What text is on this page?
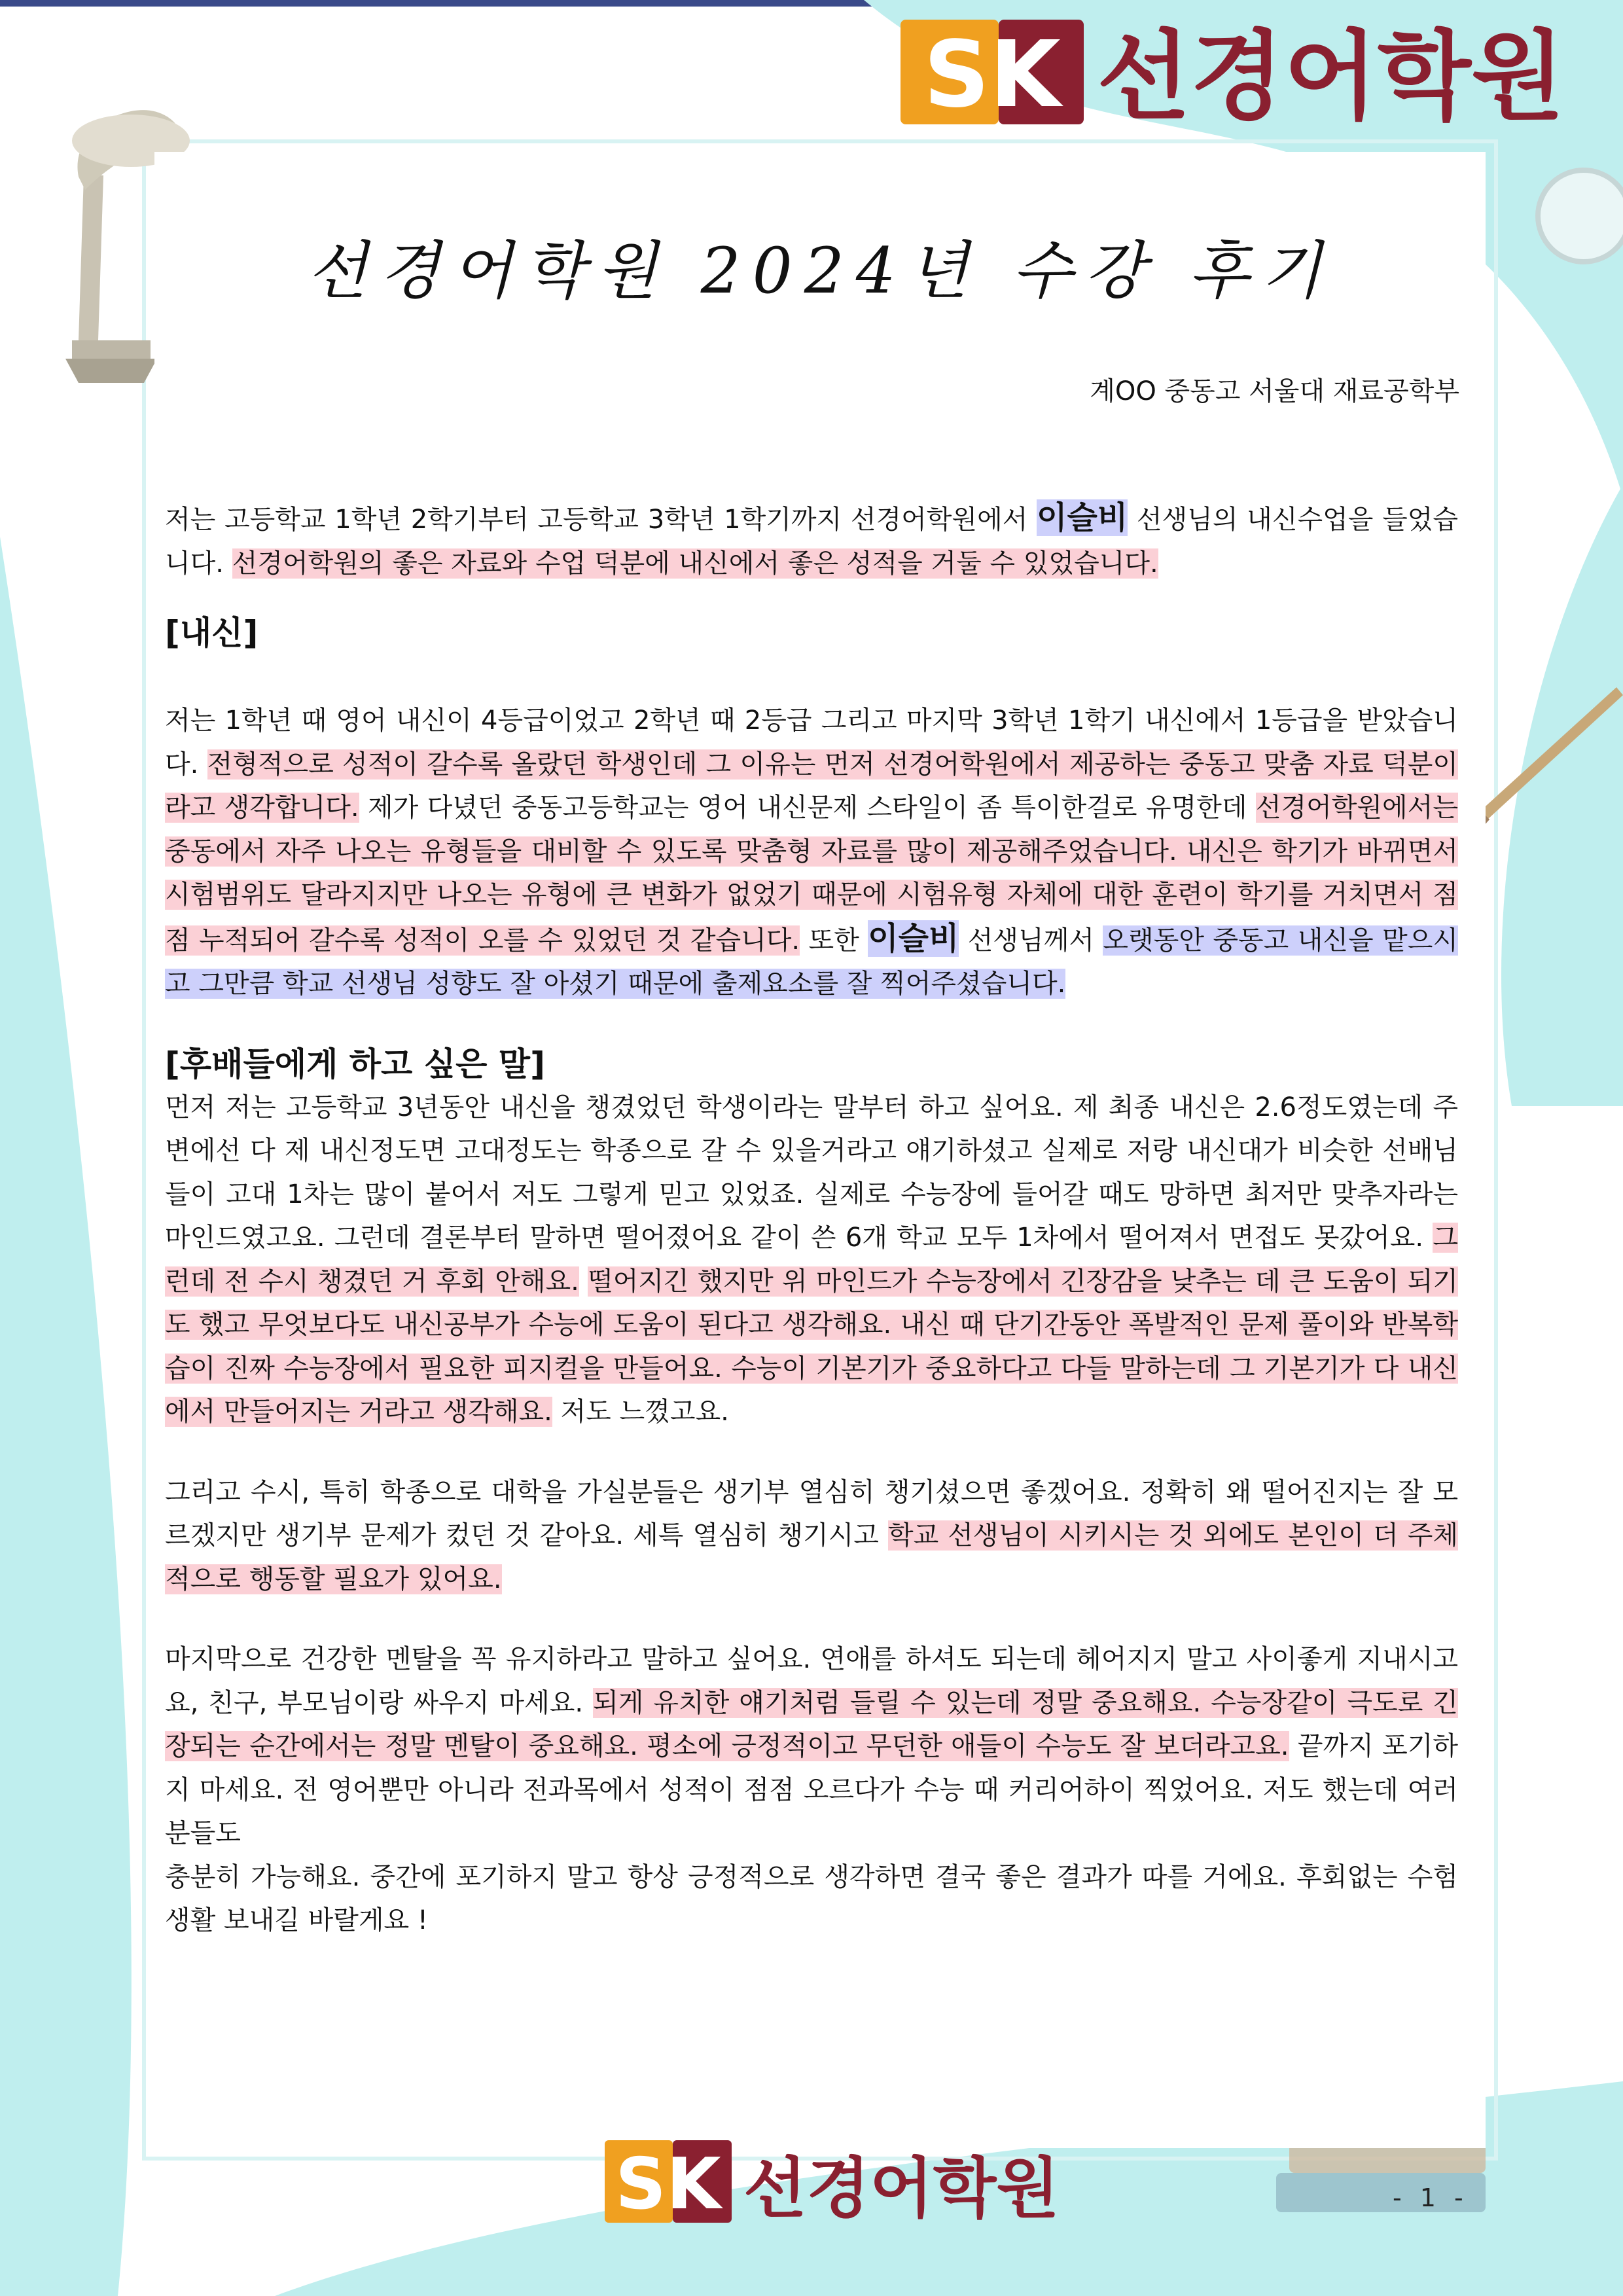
SK 선경어학원
선경어학원 2024년 수강 후기
계OO 중동고 서울대 재료공학부

저는 고등학교 1학년 2학기부터 고등학교 3학년 1학기까지 선경어학원에서 이슬비 선생님의 내신수업을 들었습니다. 선경어학원의 좋은 자료와 수업 덕분에 내신에서 좋은 성적을 거둘 수 있었습니다.

[내신]

저는 1학년 때 영어 내신이 4등급이었고 2학년 때 2등급 그리고 마지막 3학년 1학기 내신에서 1등급을 받았습니다. 전형적으로 성적이 갈수록 올랐던 학생인데 그 이유는 먼저 선경어학원에서 제공하는 중동고 맞춤 자료 덕분이라고 생각합니다. 제가 다녔던 중동고등학교는 영어 내신문제 스타일이 좀 특이한걸로 유명한데 선경어학원에서는 중동에서 자주 나오는 유형들을 대비할 수 있도록 맞춤형 자료를 많이 제공해주었습니다. 내신은 학기가 바뀌면서 시험범위도 달라지지만 나오는 유형에 큰 변화가 없었기 때문에 시험유형 자체에 대한 훈련이 학기를 거치면서 점점 누적되어 갈수록 성적이 오를 수 있었던 것 같습니다. 또한 이슬비 선생님께서 오랫동안 중동고 내신을 맡으시고 그만큼 학교 선생님 성향도 잘 아셨기 때문에 출제요소를 잘 찍어주셨습니다.

[후배들에게 하고 싶은 말]

먼저 저는 고등학교 3년동안 내신을 챙겼었던 학생이라는 말부터 하고 싶어요. 제 최종 내신은 2.6정도였는데 주변에선 다 제 내신정도면 고대정도는 학종으로 갈 수 있을거라고 얘기하셨고 실제로 저랑 내신대가 비슷한 선배님들이 고대 1차는 많이 붙어서 저도 그렇게 믿고 있었죠. 실제로 수능장에 들어갈 때도 망하면 최저만 맞추자라는 마인드였고요. 그런데 결론부터 말하면 떨어졌어요 같이 쓴 6개 학교 모두 1차에서 떨어져서 면접도 못갔어요. 그런데 전 수시 챙겼던 거 후회 안해요. 떨어지긴 했지만 위 마인드가 수능장에서 긴장감을 낮추는 데 큰 도움이 되기도 했고 무엇보다도 내신공부가 수능에 도움이 된다고 생각해요. 내신 때 단기간동안 폭발적인 문제 풀이와 반복학습이 진짜 수능장에서 필요한 피지컬을 만들어요. 수능이 기본기가 중요하다고 다들 말하는데 그 기본기가 다 내신에서 만들어지는 거라고 생각해요. 저도 느꼈고요.

그리고 수시, 특히 학종으로 대학을 가실분들은 생기부 열심히 챙기셨으면 좋겠어요. 정확히 왜 떨어진지는 잘 모르겠지만 생기부 문제가 컸던 것 같아요. 세특 열심히 챙기시고 학교 선생님이 시키시는 것 외에도 본인이 더 주체적으로 행동할 필요가 있어요.

마지막으로 건강한 멘탈을 꼭 유지하라고 말하고 싶어요. 연애를 하셔도 되는데 헤어지지 말고 사이좋게 지내시고요, 친구, 부모님이랑 싸우지 마세요. 되게 유치한 얘기처럼 들릴 수 있는데 정말 중요해요. 수능장같이 극도로 긴장되는 순간에서는 정말 멘탈이 중요해요. 평소에 긍정적이고 무던한 애들이 수능도 잘 보더라고요. 끝까지 포기하지 마세요. 전 영어뿐만 아니라 전과목에서 성적이 점점 오르다가 수능 때 커리어하이 찍었어요. 저도 했는데 여러분들도

충분히 가능해요. 중간에 포기하지 말고 항상 긍정적으로 생각하면 결국 좋은 결과가 따를 거에요. 후회없는 수험생활 보내길 바랄게요 !

SK 선경어학원	- 1 -
